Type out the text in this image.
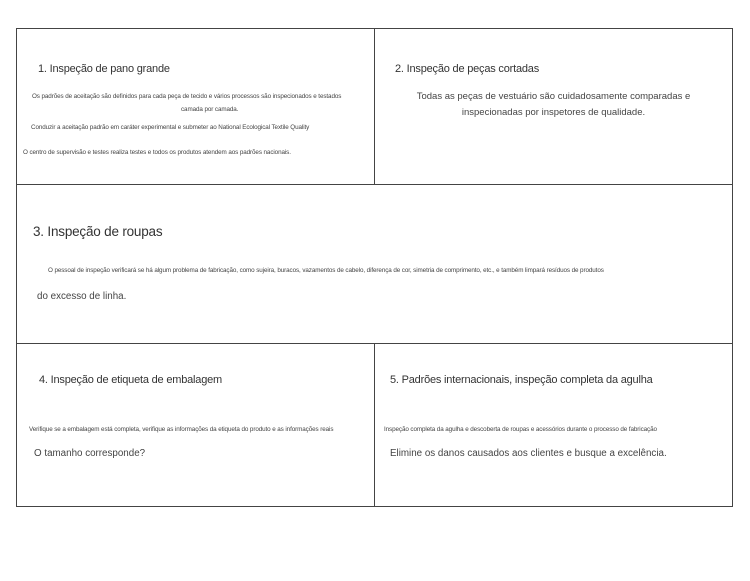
1. Inspeção de pano grande
Os padrões de aceitação são definidos para cada peça de tecido e vários processos são inspecionados e testados
camada por camada.
Conduzir a aceitação padrão em caráter experimental e submeter ao National Ecological Textile Quality
O centro de supervisão e testes realiza testes e todos os produtos atendem aos padrões nacionais.
2. Inspeção de peças cortadas
Todas as peças de vestuário são cuidadosamente comparadas e
inspecionadas por inspetores de qualidade.
3. Inspeção de roupas
O pessoal de inspeção verificará se há algum problema de fabricação, como sujeira, buracos, vazamentos de cabelo, diferença de cor, simetria de comprimento, etc., e também limpará resíduos de produtos
do excesso de linha.
4. Inspeção de etiqueta de embalagem
Verifique se a embalagem está completa, verifique as informações da etiqueta do produto e as informações reais
O tamanho corresponde?
5. Padrões internacionais, inspeção completa da agulha
Inspeção completa da agulha e descoberta de roupas e acessórios durante o processo de fabricação
Elimine os danos causados aos clientes e busque a excelência.
